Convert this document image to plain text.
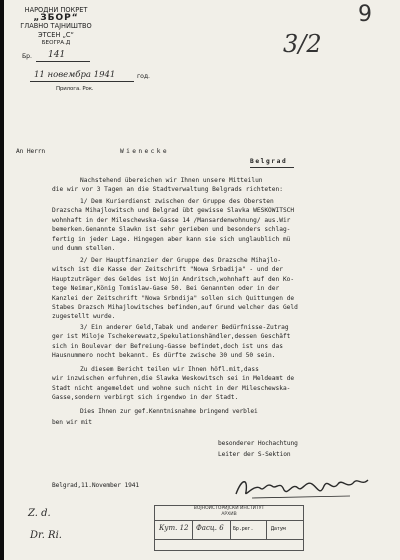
НАРОДНИ ПОКРЕТ
„ЗБОР“
ГЛАВНО ТАЈНИШТВО
ЭТСЕН „С“
БЕОГРА.Д
Бр. 141
11 новембра 1941	год.
Прилога. Рок.
9
3/2
An Herrn	Wienecke
Belgrad
Nachstehend übereichen wir Ihnen unsere Mitteilun
die wir vor 3 Tagen an die Stadtverwaltung Belgrads richteten:
1/ Dem Kurierdienst zwischen der Gruppe des Obersten
Drazscha Mihajlowitsch und Belgrad übt gewisse Slavka WESKOWITSCH
wohnhaft in der Mileschewska-Gasse 14 /Mansardenwohnung/ aus.Wir
bemerken.Genannte Slawkn ist sehr gerieben und besonders schlag-
fertig in jeder Lage. Hingegen aber kann sie sich unglaublich mü
und dumm stellen.
2/ Der Hauptfinanzier der Gruppe des Drazsche Mihajlo-
witsch ist die Kasse der Zeitschrift "Nowa Srbadija" - und der
Hauptzuträger des Geldes ist Wojin Andritsch,wohnhaft auf den Ko-
tege Neimar,König Tomislaw-Gase 50. Bei Genannten oder in der
Kanzlei der Zeitschrift "Nowa Srbndija" sollen sich Quittungen de
Stabes Drazsch Mihajlowitsches befinden,auf Grund welcher das Geld
zugestellt wurde.
3/ Ein anderer Geld,Tabak und anderer Bedürfnisse-Zutrag
ger ist Miloje Tschekerewatz,Spekulationshändler,dessen Geschäft
sich in Boulevar der Befreiung-Gasse befindet,doch ist uns das
Hausnummero nocht bekannt. Es dürfte zwische 30 und 50 sein.
Zu diesem Bericht teilen wir Ihnen höfl.mit,dass
wir inzwischen erfuhren,die Slawka Weskowitsch sei in Meldeamt de
Stadt nicht angemeldet und wohne such nicht in der Mileschewska-
Gasse,sondern verbirgt sich irgendwo in der Stadt.
Dies Ihnen zur gef.Kenntnisnahme bringend verblei
ben wir mit
besonderer Hochachtung
Leiter der S-Sektion
Belgrad,11.November 1941
ВОЈНОИСТОРИЈСКИ ИНСТИТУТ
АРХИВ
Кут. 12 Фасц. 6 Бр.рег.	Датум
Z. d.
Dr. Ri.
